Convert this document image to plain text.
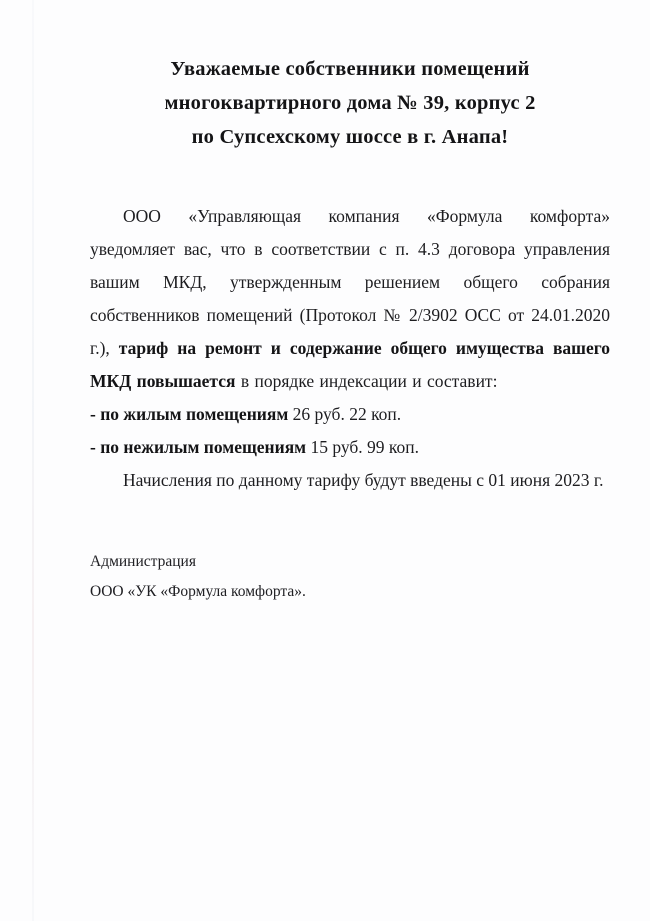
Уважаемые собственники помещений
многоквартирного дома № 39, корпус 2
по Супсехскому шоссе в г. Анапа!
ООО «Управляющая компания «Формула комфорта»
уведомляет вас, что в соответствии с п. 4.3 договора управления
вашим МКД, утвержденным решением общего собрания
собственников помещений (Протокол № 2/3902 ОСС от 24.01.2020
г.), тариф на ремонт и содержание общего имущества вашего
МКД повышается в порядке индексации и составит:
- по жилым помещениям 26 руб. 22 коп.
- по нежилым помещениям 15 руб. 99 коп.
Начисления по данному тарифу будут введены с 01 июня 2023 г.
Администрация
ООО «УК «Формула комфорта».
